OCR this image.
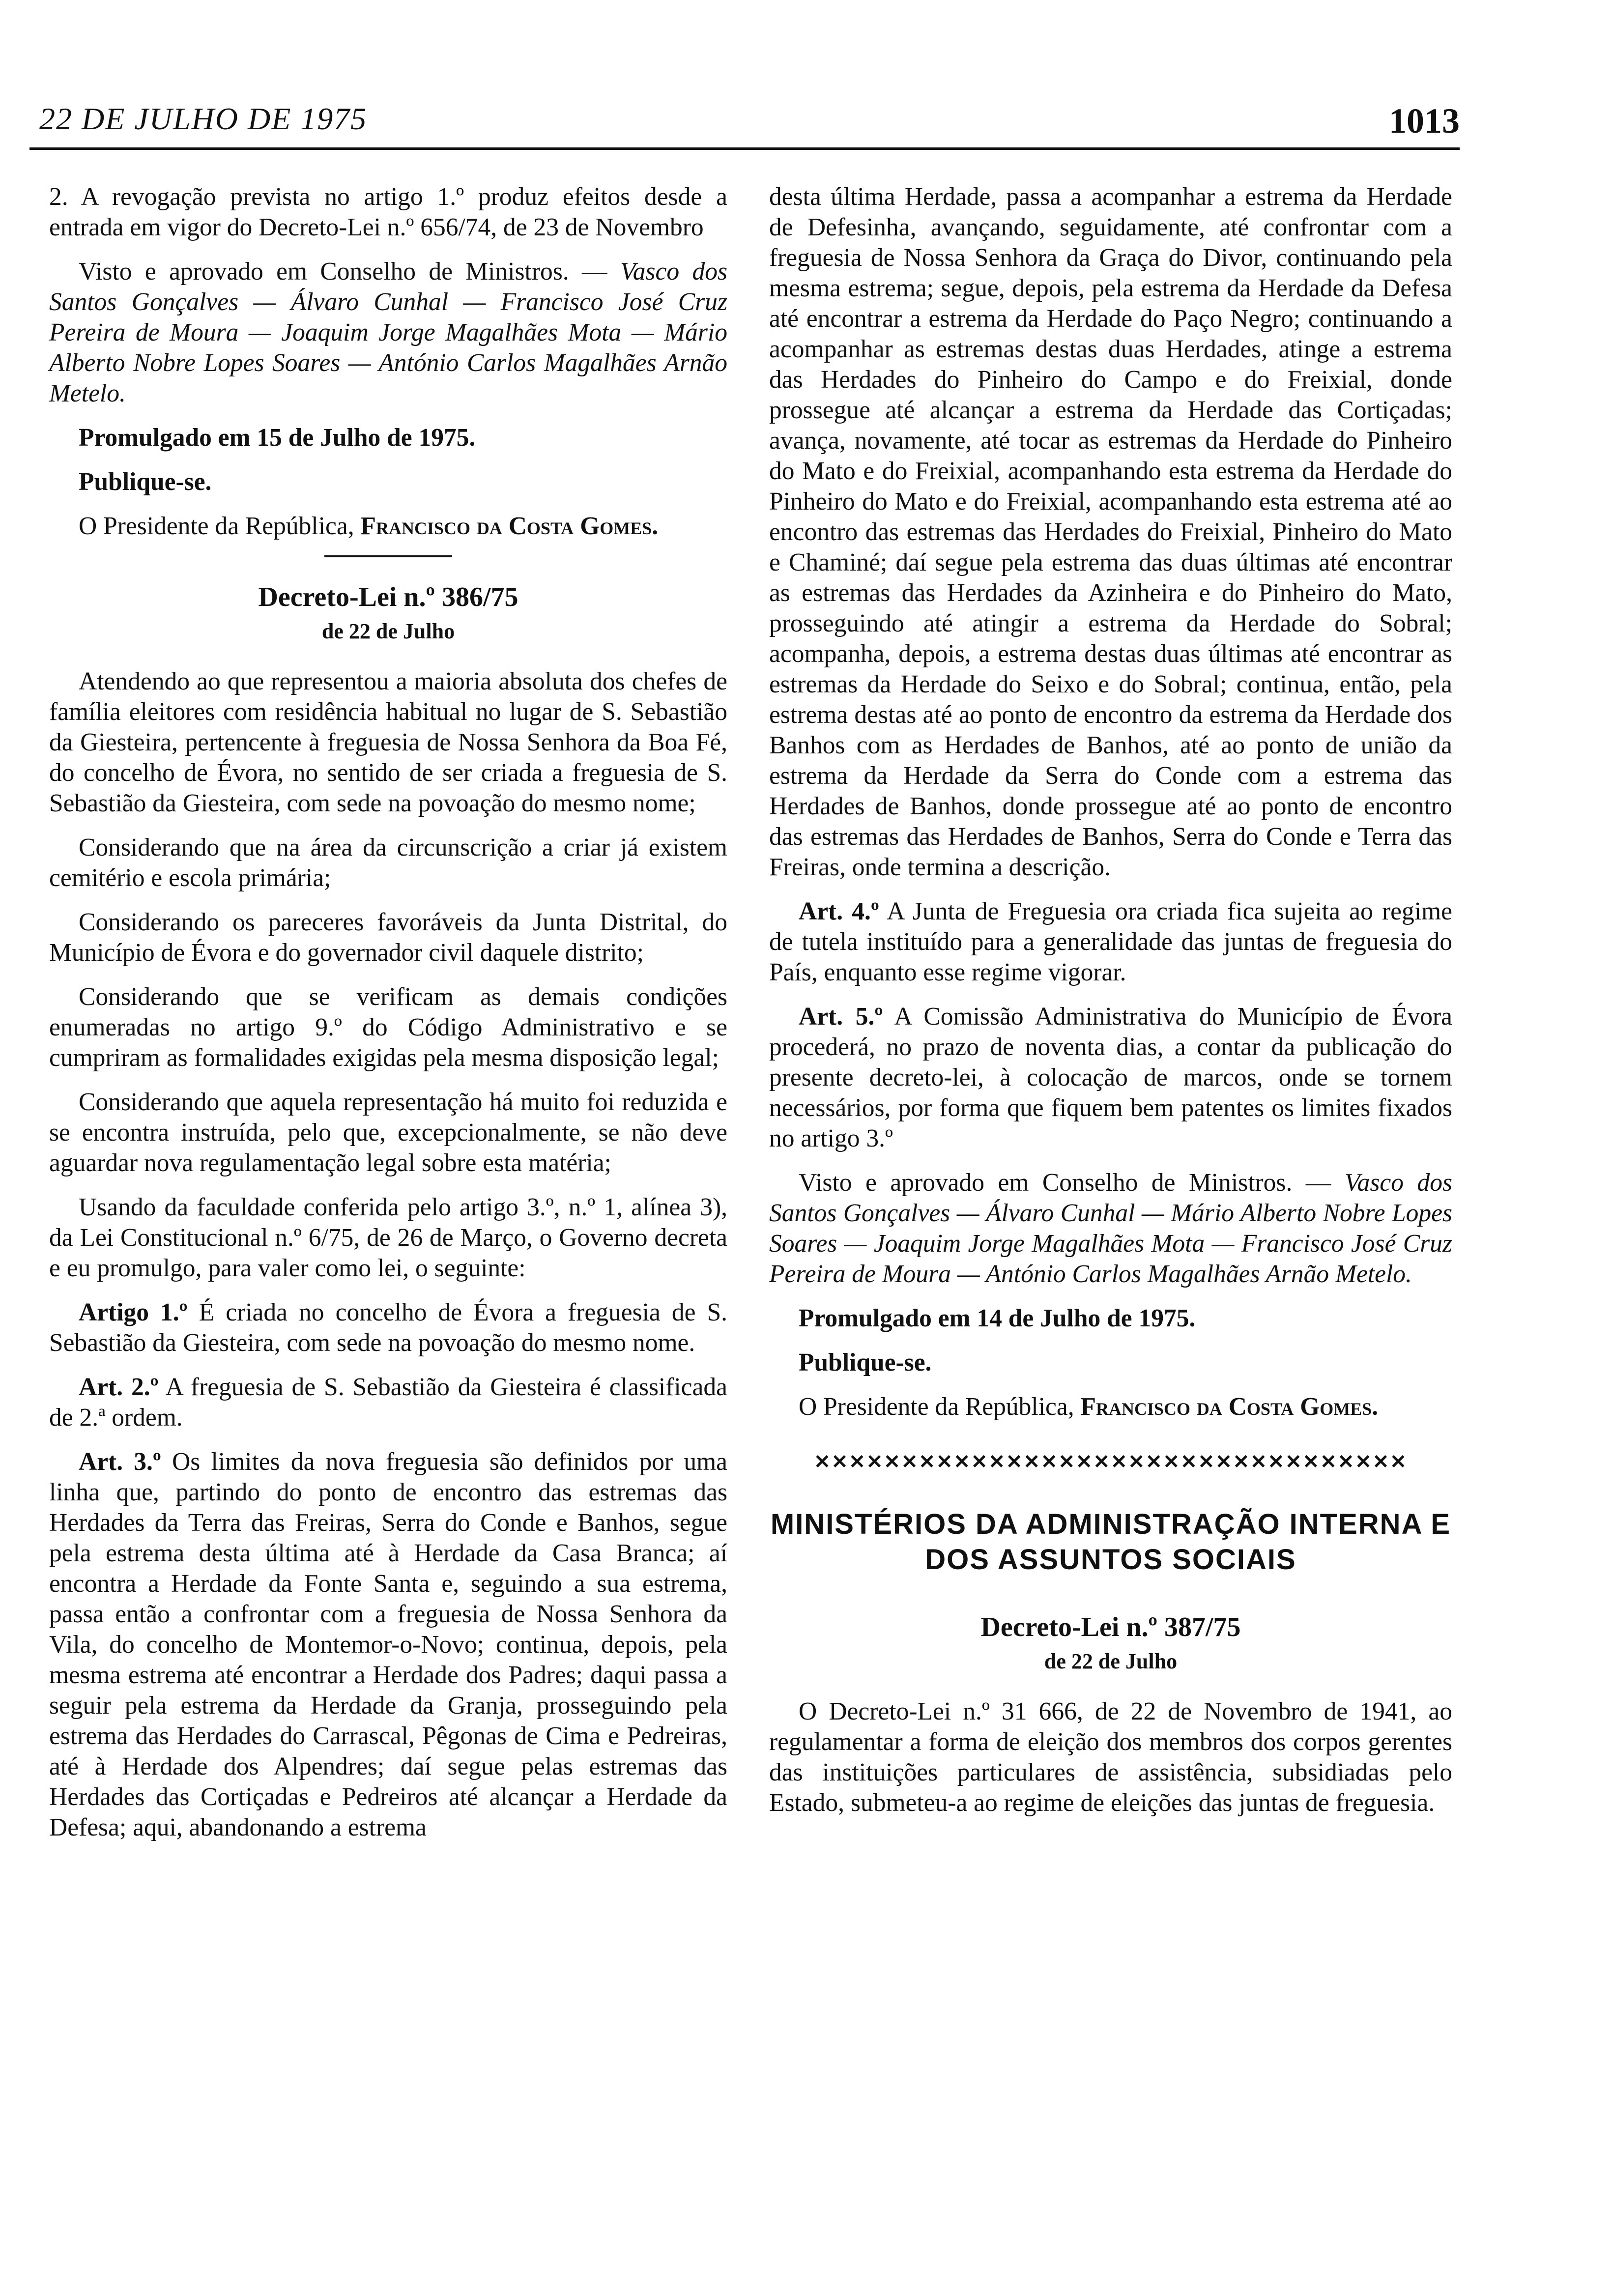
22 DE JULHO DE 1975	1013

2. A revogação prevista no artigo 1.º produz efeitos desde a entrada em vigor do Decreto-Lei n.º 656/74, de 23 de Novembro

Visto e aprovado em Conselho de Ministros. — Vasco dos Santos Gonçalves — Álvaro Cunhal — Francisco José Cruz Pereira de Moura — Joaquim Jorge Magalhães Mota — Mário Alberto Nobre Lopes Soares — António Carlos Magalhães Arnão Metelo.

Promulgado em 15 de Julho de 1975.

Publique-se.

O Presidente da República, Francisco da Costa Gomes.

Decreto-Lei n.º 386/75
de 22 de Julho

Atendendo ao que representou a maioria absoluta dos chefes de família eleitores com residência habitual no lugar de S. Sebastião da Giesteira, pertencente à freguesia de Nossa Senhora da Boa Fé, do concelho de Évora, no sentido de ser criada a freguesia de S. Sebastião da Giesteira, com sede na povoação do mesmo nome;

Considerando que na área da circunscrição a criar já existem cemitério e escola primária;

Considerando os pareceres favoráveis da Junta Distrital, do Município de Évora e do governador civil daquele distrito;

Considerando que se verificam as demais condições enumeradas no artigo 9.º do Código Administrativo e se cumpriram as formalidades exigidas pela mesma disposição legal;

Considerando que aquela representação há muito foi reduzida e se encontra instruída, pelo que, excepcionalmente, se não deve aguardar nova regulamentação legal sobre esta matéria;

Usando da faculdade conferida pelo artigo 3.º, n.º 1, alínea 3), da Lei Constitucional n.º 6/75, de 26 de Março, o Governo decreta e eu promulgo, para valer como lei, o seguinte:

Artigo 1.º É criada no concelho de Évora a freguesia de S. Sebastião da Giesteira, com sede na povoação do mesmo nome.

Art. 2.º A freguesia de S. Sebastião da Giesteira é classificada de 2.ª ordem.

Art. 3.º Os limites da nova freguesia são definidos por uma linha que, partindo do ponto de encontro das estremas das Herdades da Terra das Freiras, Serra do Conde e Banhos, segue pela estrema desta última até à Herdade da Casa Branca; aí encontra a Herdade da Fonte Santa e, seguindo a sua estrema, passa então a confrontar com a freguesia de Nossa Senhora da Vila, do concelho de Montemor-o-Novo; continua, depois, pela mesma estrema até encontrar a Herdade dos Padres; daqui passa a seguir pela estrema da Herdade da Granja, prosseguindo pela estrema das Herdades do Carrascal, Pêgonas de Cima e Pedreiras, até à Herdade dos Alpendres; daí segue pelas estremas das Herdades das Cortiçadas e Pedreiros até alcançar a Herdade da Defesa; aqui, abandonando a estrema

desta última Herdade, passa a acompanhar a estrema da Herdade de Defesinha, avançando, seguidamente, até confrontar com a freguesia de Nossa Senhora da Graça do Divor, continuando pela mesma estrema; segue, depois, pela estrema da Herdade da Defesa até encontrar a estrema da Herdade do Paço Negro; continuando a acompanhar as estremas destas duas Herdades, atinge a estrema das Herdades do Pinheiro do Campo e do Freixial, donde prossegue até alcançar a estrema da Herdade das Cortiçadas; avança, novamente, até tocar as estremas da Herdade do Pinheiro do Mato e do Freixial, acompanhando esta estrema da Herdade do Pinheiro do Mato e do Freixial, acompanhando esta estrema até ao encontro das estremas das Herdades do Freixial, Pinheiro do Mato e Chaminé; daí segue pela estrema das duas últimas até encontrar as estremas das Herdades da Azinheira e do Pinheiro do Mato, prosseguindo até atingir a estrema da Herdade do Sobral; acompanha, depois, a estrema destas duas últimas até encontrar as estremas da Herdade do Seixo e do Sobral; continua, então, pela estrema destas até ao ponto de encontro da estrema da Herdade dos Banhos com as Herdades de Banhos, até ao ponto de união da estrema da Herdade da Serra do Conde com a estrema das Herdades de Banhos, donde prossegue até ao ponto de encontro das estremas das Herdades de Banhos, Serra do Conde e Terra das Freiras, onde termina a descrição.

Art. 4.º A Junta de Freguesia ora criada fica sujeita ao regime de tutela instituído para a generalidade das juntas de freguesia do País, enquanto esse regime vigorar.

Art. 5.º A Comissão Administrativa do Município de Évora procederá, no prazo de noventa dias, a contar da publicação do presente decreto-lei, à colocação de marcos, onde se tornem necessários, por forma que fiquem bem patentes os limites fixados no artigo 3.º

Visto e aprovado em Conselho de Ministros. — Vasco dos Santos Gonçalves — Álvaro Cunhal — Mário Alberto Nobre Lopes Soares — Joaquim Jorge Magalhães Mota — Francisco José Cruz Pereira de Moura — António Carlos Magalhães Arnão Metelo.

Promulgado em 14 de Julho de 1975.

Publique-se.

O Presidente da República, Francisco da Costa Gomes.

✕✕✕✕✕✕✕✕✕✕✕✕✕✕✕✕✕✕✕✕✕✕✕✕✕✕✕✕✕✕✕✕✕✕
MINISTÉRIOS DA ADMINISTRAÇÃO INTERNA E DOS ASSUNTOS SOCIAIS
Decreto-Lei n.º 387/75
de 22 de Julho

O Decreto-Lei n.º 31 666, de 22 de Novembro de 1941, ao regulamentar a forma de eleição dos membros dos corpos gerentes das instituições particulares de assistência, subsidiadas pelo Estado, submeteu-a ao regime de eleições das juntas de freguesia.
